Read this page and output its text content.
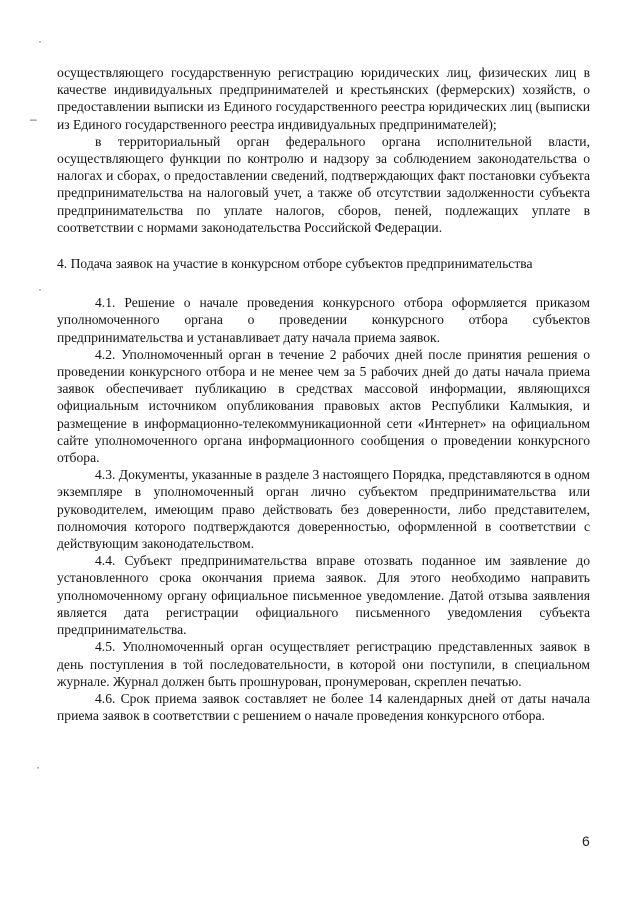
осуществляющего государственную регистрацию юридических лиц, физических лиц в качестве индивидуальных предпринимателей и крестьянских (фермерских) хозяйств, о предоставлении выписки из Единого государственного реестра юридических лиц (выписки из Единого государственного реестра индивидуальных предпринимателей);

в территориальный орган федерального органа исполнительной власти, осуществляющего функции по контролю и надзору за соблюдением законодательства о налогах и сборах, о предоставлении сведений, подтверждающих факт постановки субъекта предпринимательства на налоговый учет, а также об отсутствии задолженности субъекта предпринимательства по уплате налогов, сборов, пеней, подлежащих уплате в соответствии с нормами законодательства Российской Федерации.

4. Подача заявок на участие в конкурсном отборе субъектов предпринимательства

4.1. Решение о начале проведения конкурсного отбора оформляется приказом уполномоченного органа о проведении конкурсного отбора субъектов предпринимательства и устанавливает дату начала приема заявок.

4.2. Уполномоченный орган в течение 2 рабочих дней после принятия решения о проведении конкурсного отбора и не менее чем за 5 рабочих дней до даты начала приема заявок обеспечивает публикацию в средствах массовой информации, являющихся официальным источником опубликования правовых актов Республики Калмыкия, и размещение в информационно-телекоммуникационной сети «Интернет» на официальном сайте уполномоченного органа информационного сообщения о проведении конкурсного отбора.

4.3. Документы, указанные в разделе 3 настоящего Порядка, представляются в одном экземпляре в уполномоченный орган лично субъектом предпринимательства или руководителем, имеющим право действовать без доверенности, либо представителем, полномочия которого подтверждаются доверенностью, оформленной в соответствии с действующим законодательством.

4.4. Субъект предпринимательства вправе отозвать поданное им заявление до установленного срока окончания приема заявок. Для этого необходимо направить уполномоченному органу официальное письменное уведомление. Датой отзыва заявления является дата регистрации официального письменного уведомления субъекта предпринимательства.

4.5. Уполномоченный орган осуществляет регистрацию представленных заявок в день поступления в той последовательности, в которой они поступили, в специальном журнале. Журнал должен быть прошнурован, пронумерован, скреплен печатью.

4.6. Срок приема заявок составляет не более 14 календарных дней от даты начала приема заявок в соответствии с решением о начале проведения конкурсного отбора.

6
·
–
·
·
